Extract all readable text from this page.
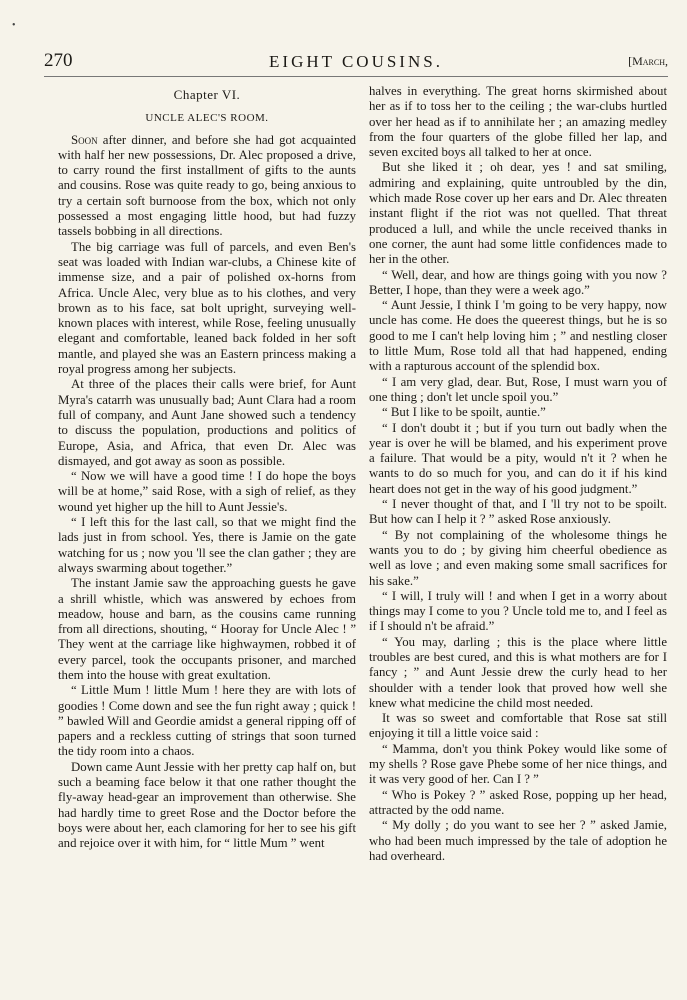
•
270	EIGHT COUSINS.	[March,
Chapter VI.
UNCLE ALEC'S ROOM.

Soon after dinner, and before she had got acquainted with half her new possessions, Dr. Alec proposed a drive, to carry round the first installment of gifts to the aunts and cousins. Rose was quite ready to go, being anxious to try a certain soft burnoose from the box, which not only possessed a most engaging little hood, but had fuzzy tassels bobbing in all directions.

The big carriage was full of parcels, and even Ben's seat was loaded with Indian war-clubs, a Chinese kite of immense size, and a pair of polished ox-horns from Africa. Uncle Alec, very blue as to his clothes, and very brown as to his face, sat bolt upright, surveying well-known places with interest, while Rose, feeling unusually elegant and comfortable, leaned back folded in her soft mantle, and played she was an Eastern princess making a royal progress among her subjects.

At three of the places their calls were brief, for Aunt Myra's catarrh was unusually bad; Aunt Clara had a room full of company, and Aunt Jane showed such a tendency to discuss the population, productions and politics of Europe, Asia, and Africa, that even Dr. Alec was dismayed, and got away as soon as possible.

“ Now we will have a good time ! I do hope the boys will be at home,” said Rose, with a sigh of relief, as they wound yet higher up the hill to Aunt Jessie's.

“ I left this for the last call, so that we might find the lads just in from school. Yes, there is Jamie on the gate watching for us ; now you 'll see the clan gather ; they are always swarming about together.”

The instant Jamie saw the approaching guests he gave a shrill whistle, which was answered by echoes from meadow, house and barn, as the cousins came running from all directions, shouting, “ Hooray for Uncle Alec ! ” They went at the carriage like highwaymen, robbed it of every parcel, took the occupants prisoner, and marched them into the house with great exultation.

“ Little Mum ! little Mum ! here they are with lots of goodies ! Come down and see the fun right away ; quick ! ” bawled Will and Geordie amidst a general ripping off of papers and a reckless cutting of strings that soon turned the tidy room into a chaos.

Down came Aunt Jessie with her pretty cap half on, but such a beaming face below it that one rather thought the fly-away head-gear an improvement than otherwise. She had hardly time to greet Rose and the Doctor before the boys were about her, each clamoring for her to see his gift and rejoice over it with him, for “ little Mum ” went

halves in everything. The great horns skirmished about her as if to toss her to the ceiling ; the war-clubs hurtled over her head as if to annihilate her ; an amazing medley from the four quarters of the globe filled her lap, and seven excited boys all talked to her at once.

But she liked it ; oh dear, yes ! and sat smiling, admiring and explaining, quite untroubled by the din, which made Rose cover up her ears and Dr. Alec threaten instant flight if the riot was not quelled. That threat produced a lull, and while the uncle received thanks in one corner, the aunt had some little confidences made to her in the other.

“ Well, dear, and how are things going with you now ? Better, I hope, than they were a week ago.”

“ Aunt Jessie, I think I 'm going to be very happy, now uncle has come. He does the queerest things, but he is so good to me I can't help loving him ; ” and nestling closer to little Mum, Rose told all that had happened, ending with a rapturous account of the splendid box.

“ I am very glad, dear. But, Rose, I must warn you of one thing ; don't let uncle spoil you.”

“ But I like to be spoilt, auntie.”

“ I don't doubt it ; but if you turn out badly when the year is over he will be blamed, and his experiment prove a failure. That would be a pity, would n't it ? when he wants to do so much for you, and can do it if his kind heart does not get in the way of his good judgment.”

“ I never thought of that, and I 'll try not to be spoilt. But how can I help it ? ” asked Rose anxiously.

“ By not complaining of the wholesome things he wants you to do ; by giving him cheerful obedience as well as love ; and even making some small sacrifices for his sake.”

“ I will, I truly will ! and when I get in a worry about things may I come to you ? Uncle told me to, and I feel as if I should n't be afraid.”

“ You may, darling ; this is the place where little troubles are best cured, and this is what mothers are for I fancy ; ” and Aunt Jessie drew the curly head to her shoulder with a tender look that proved how well she knew what medicine the child most needed.

It was so sweet and comfortable that Rose sat still enjoying it till a little voice said :

“ Mamma, don't you think Pokey would like some of my shells ? Rose gave Phebe some of her nice things, and it was very good of her. Can I ? ”

“ Who is Pokey ? ” asked Rose, popping up her head, attracted by the odd name.

“ My dolly ; do you want to see her ? ” asked Jamie, who had been much impressed by the tale of adoption he had overheard.
